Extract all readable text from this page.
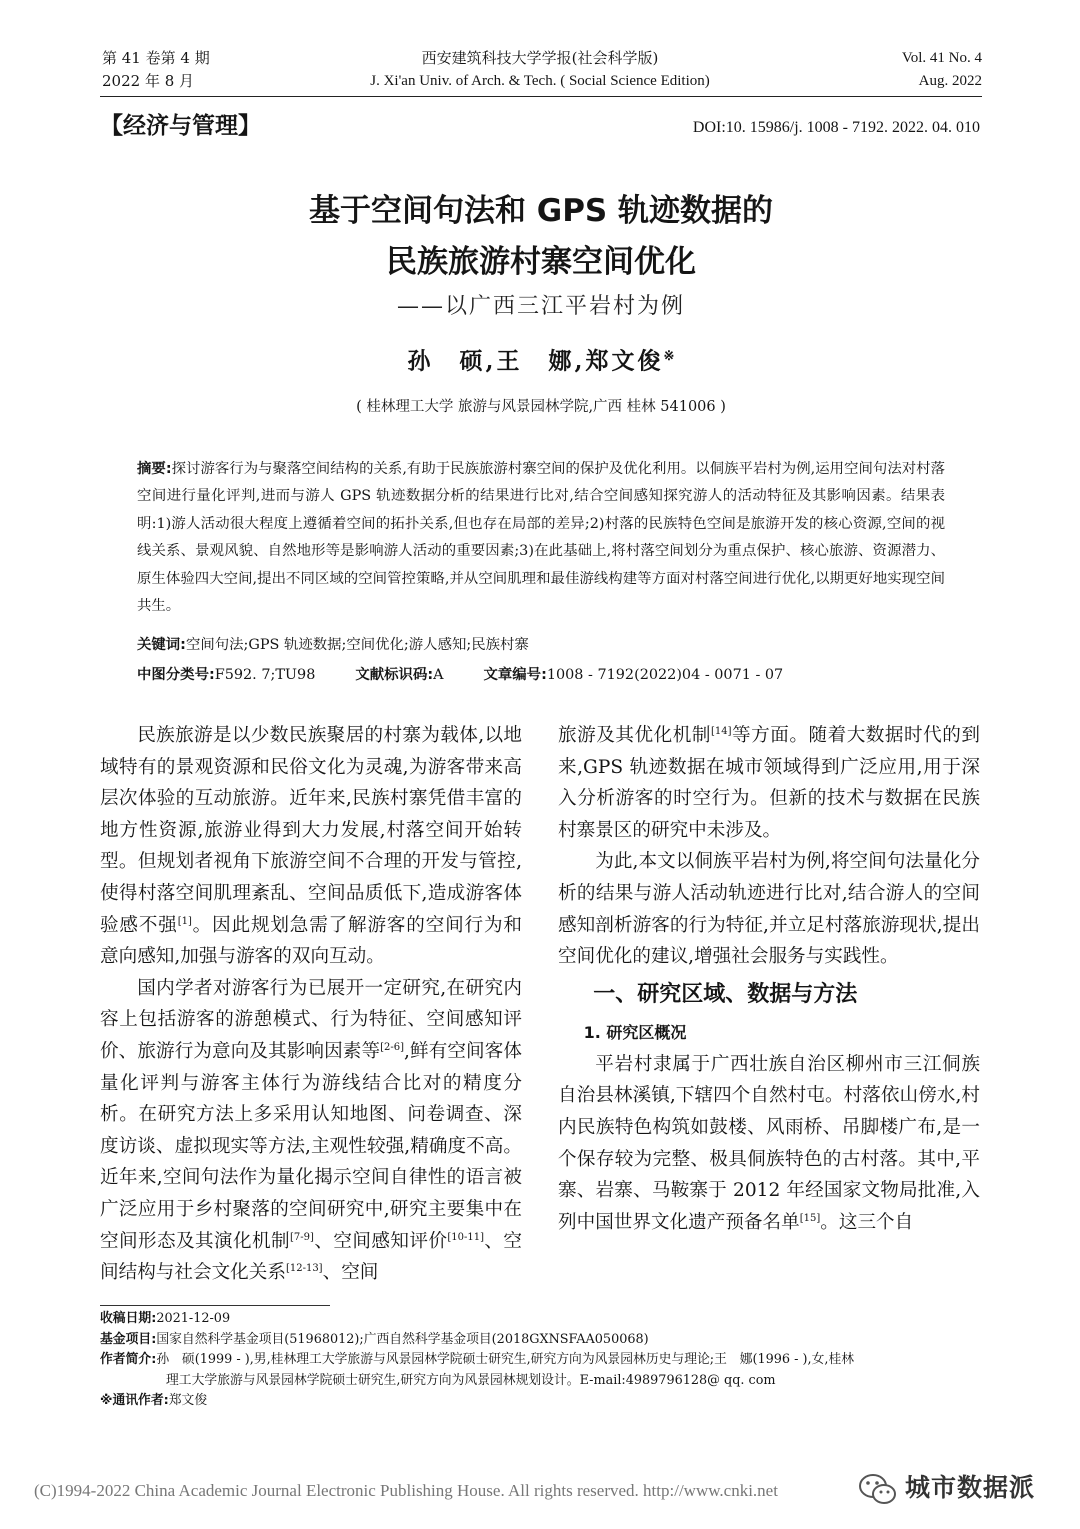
第 41 卷第 4 期
2022 年 8 月
西安建筑科技大学学报(社会科学版)
J. Xi'an Univ. of Arch. & Tech. ( Social Science Edition)
Vol. 41 No. 4
Aug. 2022
【经济与管理】	DOI:10. 15986/j. 1008 - 7192. 2022. 04. 010
基于空间句法和 GPS 轨迹数据的
民族旅游村寨空间优化
——以广西三江平岩村为例
孙　硕,王　娜,郑文俊※
( 桂林理工大学 旅游与风景园林学院,广西 桂林 541006 )
摘要:探讨游客行为与聚落空间结构的关系,有助于民族旅游村寨空间的保护及优化利用。以侗族平岩村为例,运用空间句法对村落空间进行量化评判,进而与游人 GPS 轨迹数据分析的结果进行比对,结合空间感知探究游人的活动特征及其影响因素。结果表明:1)游人活动很大程度上遵循着空间的拓扑关系,但也存在局部的差异;2)村落的民族特色空间是旅游开发的核心资源,空间的视线关系、景观风貌、自然地形等是影响游人活动的重要因素;3)在此基础上,将村落空间划分为重点保护、核心旅游、资源潜力、原生体验四大空间,提出不同区域的空间管控策略,并从空间肌理和最佳游线构建等方面对村落空间进行优化,以期更好地实现空间共生。
关键词:空间句法;GPS 轨迹数据;空间优化;游人感知;民族村寨
中图分类号:F592. 7;TU98	文献标识码:A	文章编号:1008 - 7192(2022)04 - 0071 - 07

民族旅游是以少数民族聚居的村寨为载体,以地域特有的景观资源和民俗文化为灵魂,为游客带来高层次体验的互动旅游。近年来,民族村寨凭借丰富的地方性资源,旅游业得到大力发展,村落空间开始转型。但规划者视角下旅游空间不合理的开发与管控,使得村落空间肌理紊乱、空间品质低下,造成游客体验感不强[1]。因此规划急需了解游客的空间行为和意向感知,加强与游客的双向互动。

国内学者对游客行为已展开一定研究,在研究内容上包括游客的游憩模式、行为特征、空间感知评价、旅游行为意向及其影响因素等[2-6],鲜有空间客体量化评判与游客主体行为游线结合比对的精度分析。在研究方法上多采用认知地图、问卷调查、深度访谈、虚拟现实等方法,主观性较强,精确度不高。近年来,空间句法作为量化揭示空间自律性的语言被广泛应用于乡村聚落的空间研究中,研究主要集中在空间形态及其演化机制[7-9]、空间感知评价[10-11]、空间结构与社会文化关系[12-13]、空间

旅游及其优化机制[14]等方面。随着大数据时代的到来,GPS 轨迹数据在城市领域得到广泛应用,用于深入分析游客的时空行为。但新的技术与数据在民族村寨景区的研究中未涉及。

为此,本文以侗族平岩村为例,将空间句法量化分析的结果与游人活动轨迹进行比对,结合游人的空间感知剖析游客的行为特征,并立足村落旅游现状,提出空间优化的建议,增强社会服务与实践性。

一、研究区域、数据与方法

1. 研究区概况

平岩村隶属于广西壮族自治区柳州市三江侗族自治县林溪镇,下辖四个自然村屯。村落依山傍水,村内民族特色构筑如鼓楼、风雨桥、吊脚楼广布,是一个保存较为完整、极具侗族特色的古村落。其中,平寨、岩寨、马鞍寨于 2012 年经国家文物局批准,入列中国世界文化遗产预备名单[15]。这三个自

收稿日期:2021-12-09
基金项目:国家自然科学基金项目(51968012);广西自然科学基金项目(2018GXNSFAA050068)
作者简介:孙　硕(1999 - ),男,桂林理工大学旅游与风景园林学院硕士研究生,研究方向为风景园林历史与理论;王　娜(1996 - ),女,桂林
理工大学旅游与风景园林学院硕士研究生,研究方向为风景园林规划设计。E-mail:4989796128@ qq. com
※通讯作者:郑文俊
(C)1994-2022 China Academic Journal Electronic Publishing House. All rights reserved. http://www.cnki.net	城市数据派
